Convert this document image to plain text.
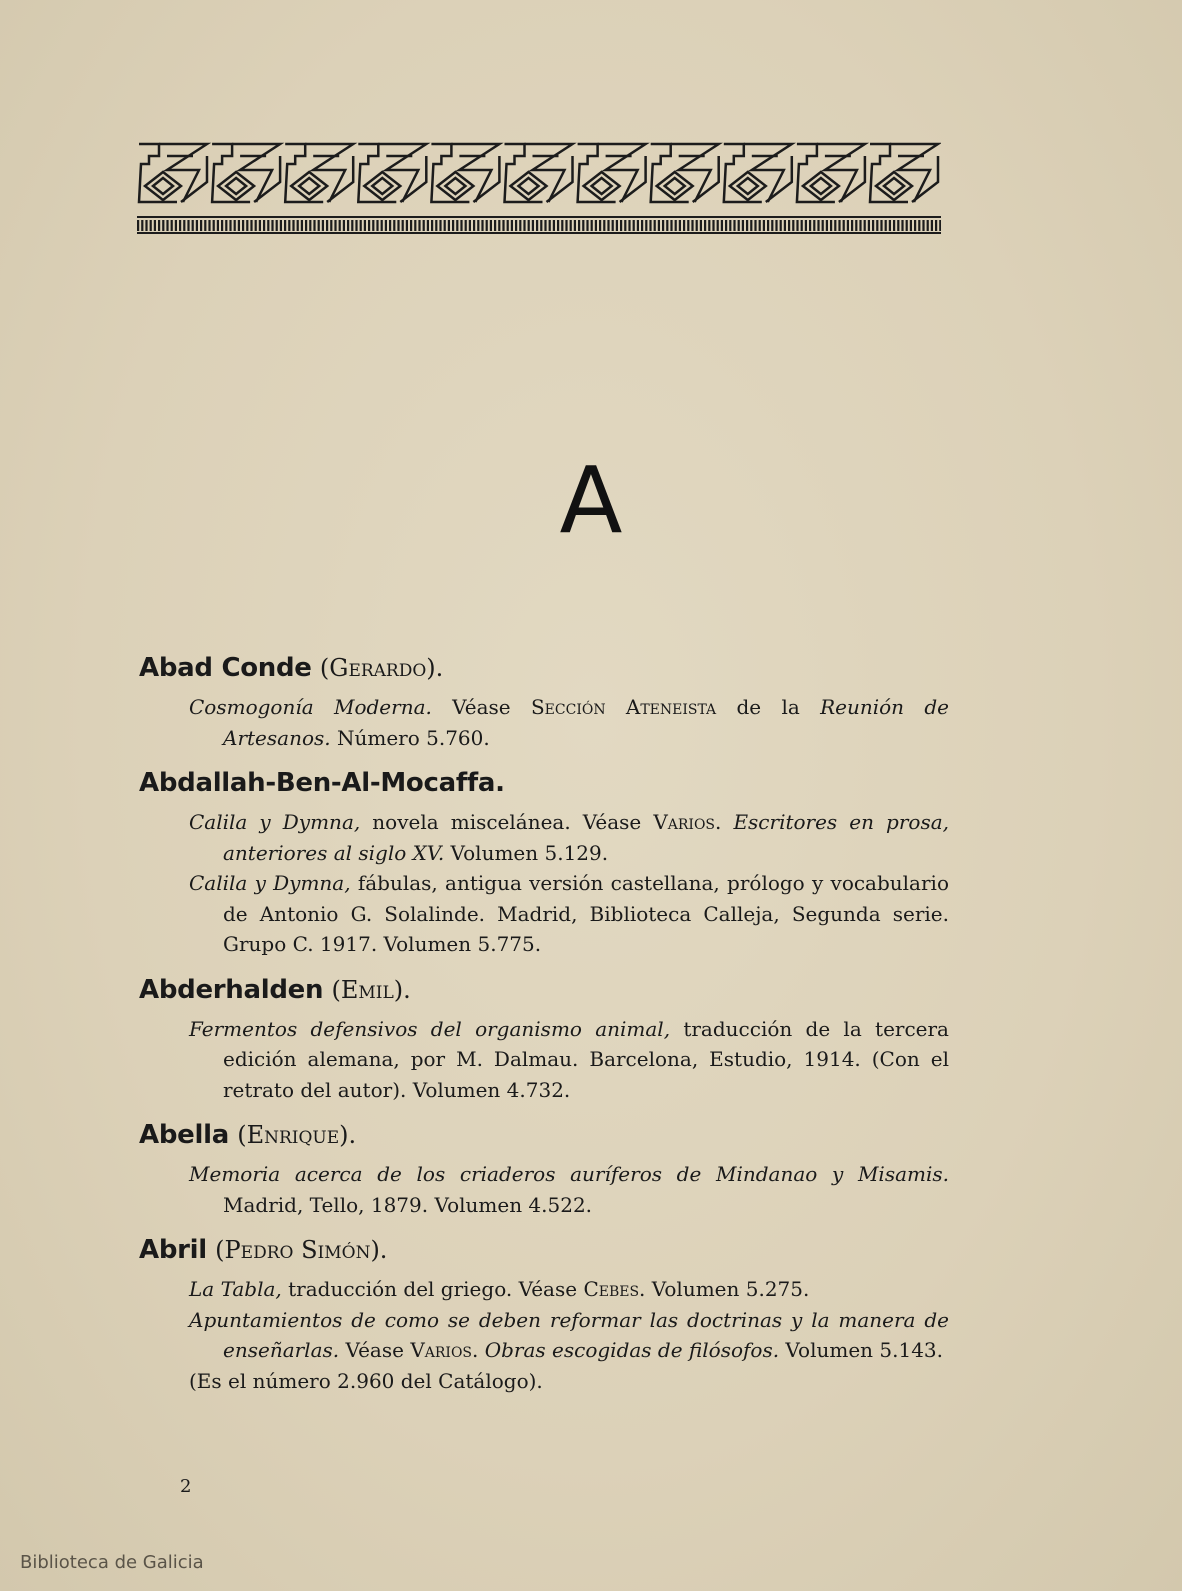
A
Abad Conde (Gerardo).
Cosmogonía Moderna. Véase Sección Ateneista de la Reunión de Artesanos. Número 5.760.
Abdallah-Ben-Al-Mocaffa.
Calila y Dymna, novela miscelánea. Véase Varios. Escritores en prosa, anteriores al siglo XV. Volumen 5.129.
Calila y Dymna, fábulas, antigua versión castellana, prólogo y vocabulario de Antonio G. Solalinde. Madrid, Biblioteca Calleja, Segunda serie. Grupo C. 1917. Volumen 5.775.
Abderhalden (Emil).
Fermentos defensivos del organismo animal, traducción de la tercera edición alemana, por M. Dalmau. Barcelona, Estudio, 1914. (Con el retrato del autor). Volumen 4.732.
Abella (Enrique).
Memoria acerca de los criaderos auríferos de Mindanao y Misamis. Madrid, Tello, 1879. Volumen 4.522.
Abril (Pedro Simón).
La Tabla, traducción del griego. Véase Cebes. Volumen 5.275.
Apuntamientos de como se deben reformar las doctrinas y la manera de enseñarlas. Véase Varios. Obras escogidas de filósofos. Volumen 5.143.
(Es el número 2.960 del Catálogo).
2
Biblioteca de Galicia
